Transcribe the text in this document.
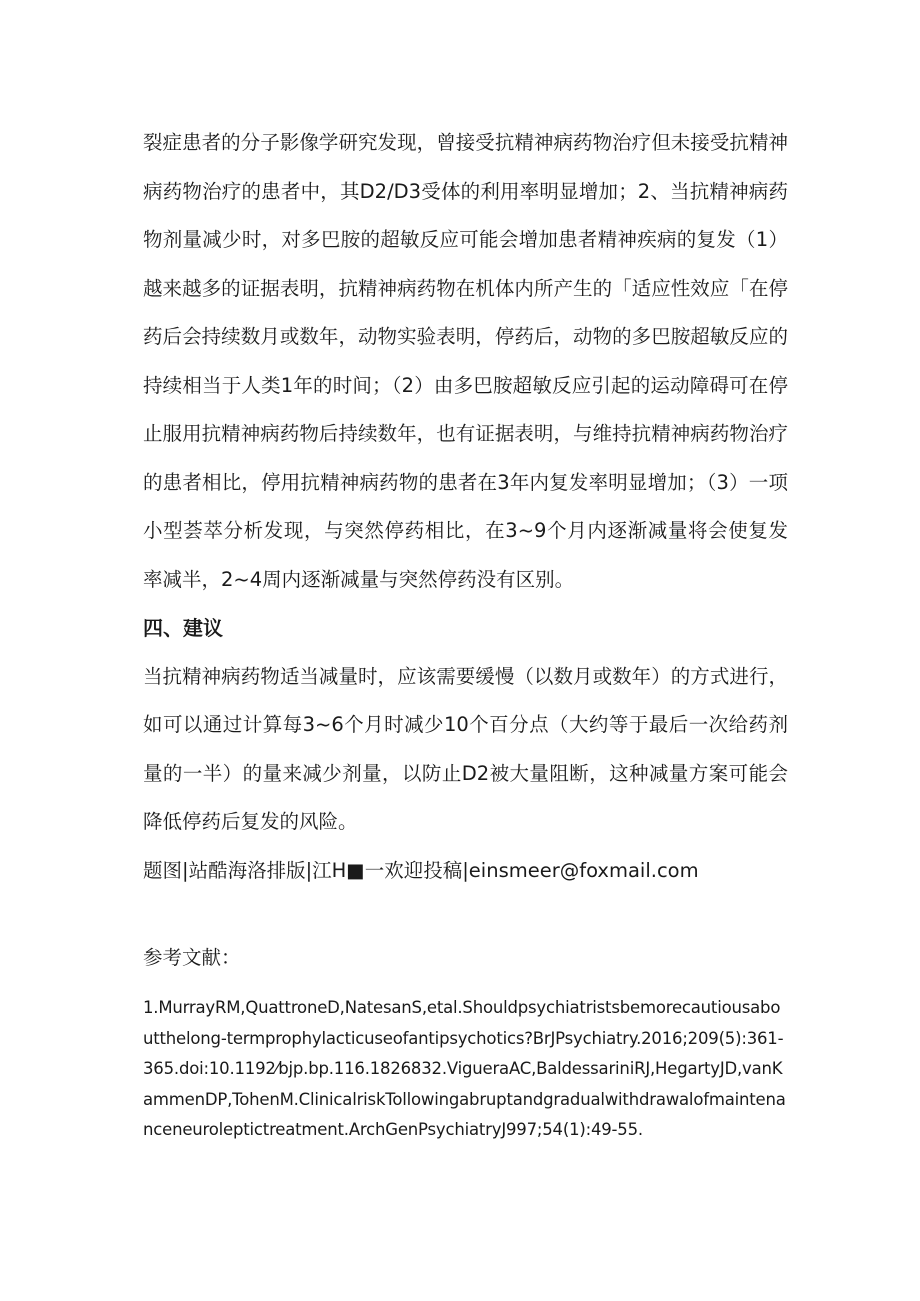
裂症患者的分子影像学研究发现，曾接受抗精神病药物治疗但未接受抗精神病药物治疗的患者中，其D2/D3受体的利用率明显增加；2、当抗精神病药物剂量减少时，对多巴胺的超敏反应可能会增加患者精神疾病的复发（1）越来越多的证据表明，抗精神病药物在机体内所产生的「适应性效应「在停药后会持续数月或数年，动物实验表明，停药后，动物的多巴胺超敏反应的持续相当于人类1年的时间；（2）由多巴胺超敏反应引起的运动障碍可在停止服用抗精神病药物后持续数年，也有证据表明，与维持抗精神病药物治疗的患者相比，停用抗精神病药物的患者在3年内复发率明显增加；（3）一项小型荟萃分析发现，与突然停药相比，在3~9个月内逐渐减量将会使复发率减半，2~4周内逐渐减量与突然停药没有区别。

四、建议

当抗精神病药物适当减量时，应该需要缓慢（以数月或数年）的方式进行，如可以通过计算每3~6个月时减少10个百分点（大约等于最后一次给药剂量的一半）的量来减少剂量，以防止D2被大量阻断，这种减量方案可能会降低停药后复发的风险。

题图|站酷海洛排版|江H■一欢迎投稿|einsmeer@foxmail.com

参考文献：

1.MurrayRM,QuattroneD,NatesanS,etal.Shouldpsychiatristsbemorecautiousaboutthelong-termprophylacticuseofantipsychotics?BrJPsychiatry.2016;209(5):361-365.doi:10.1192⁄bjp.bp.116.1826832.VigueraAC,BaldessariniRJ,HegartyJD,vanKammenDP,TohenM.ClinicalriskTollowingabruptandgradualwithdrawalofmaintenanceneuroleptictreatment.ArchGenPsychiatryJ997;54(1):49-55.
